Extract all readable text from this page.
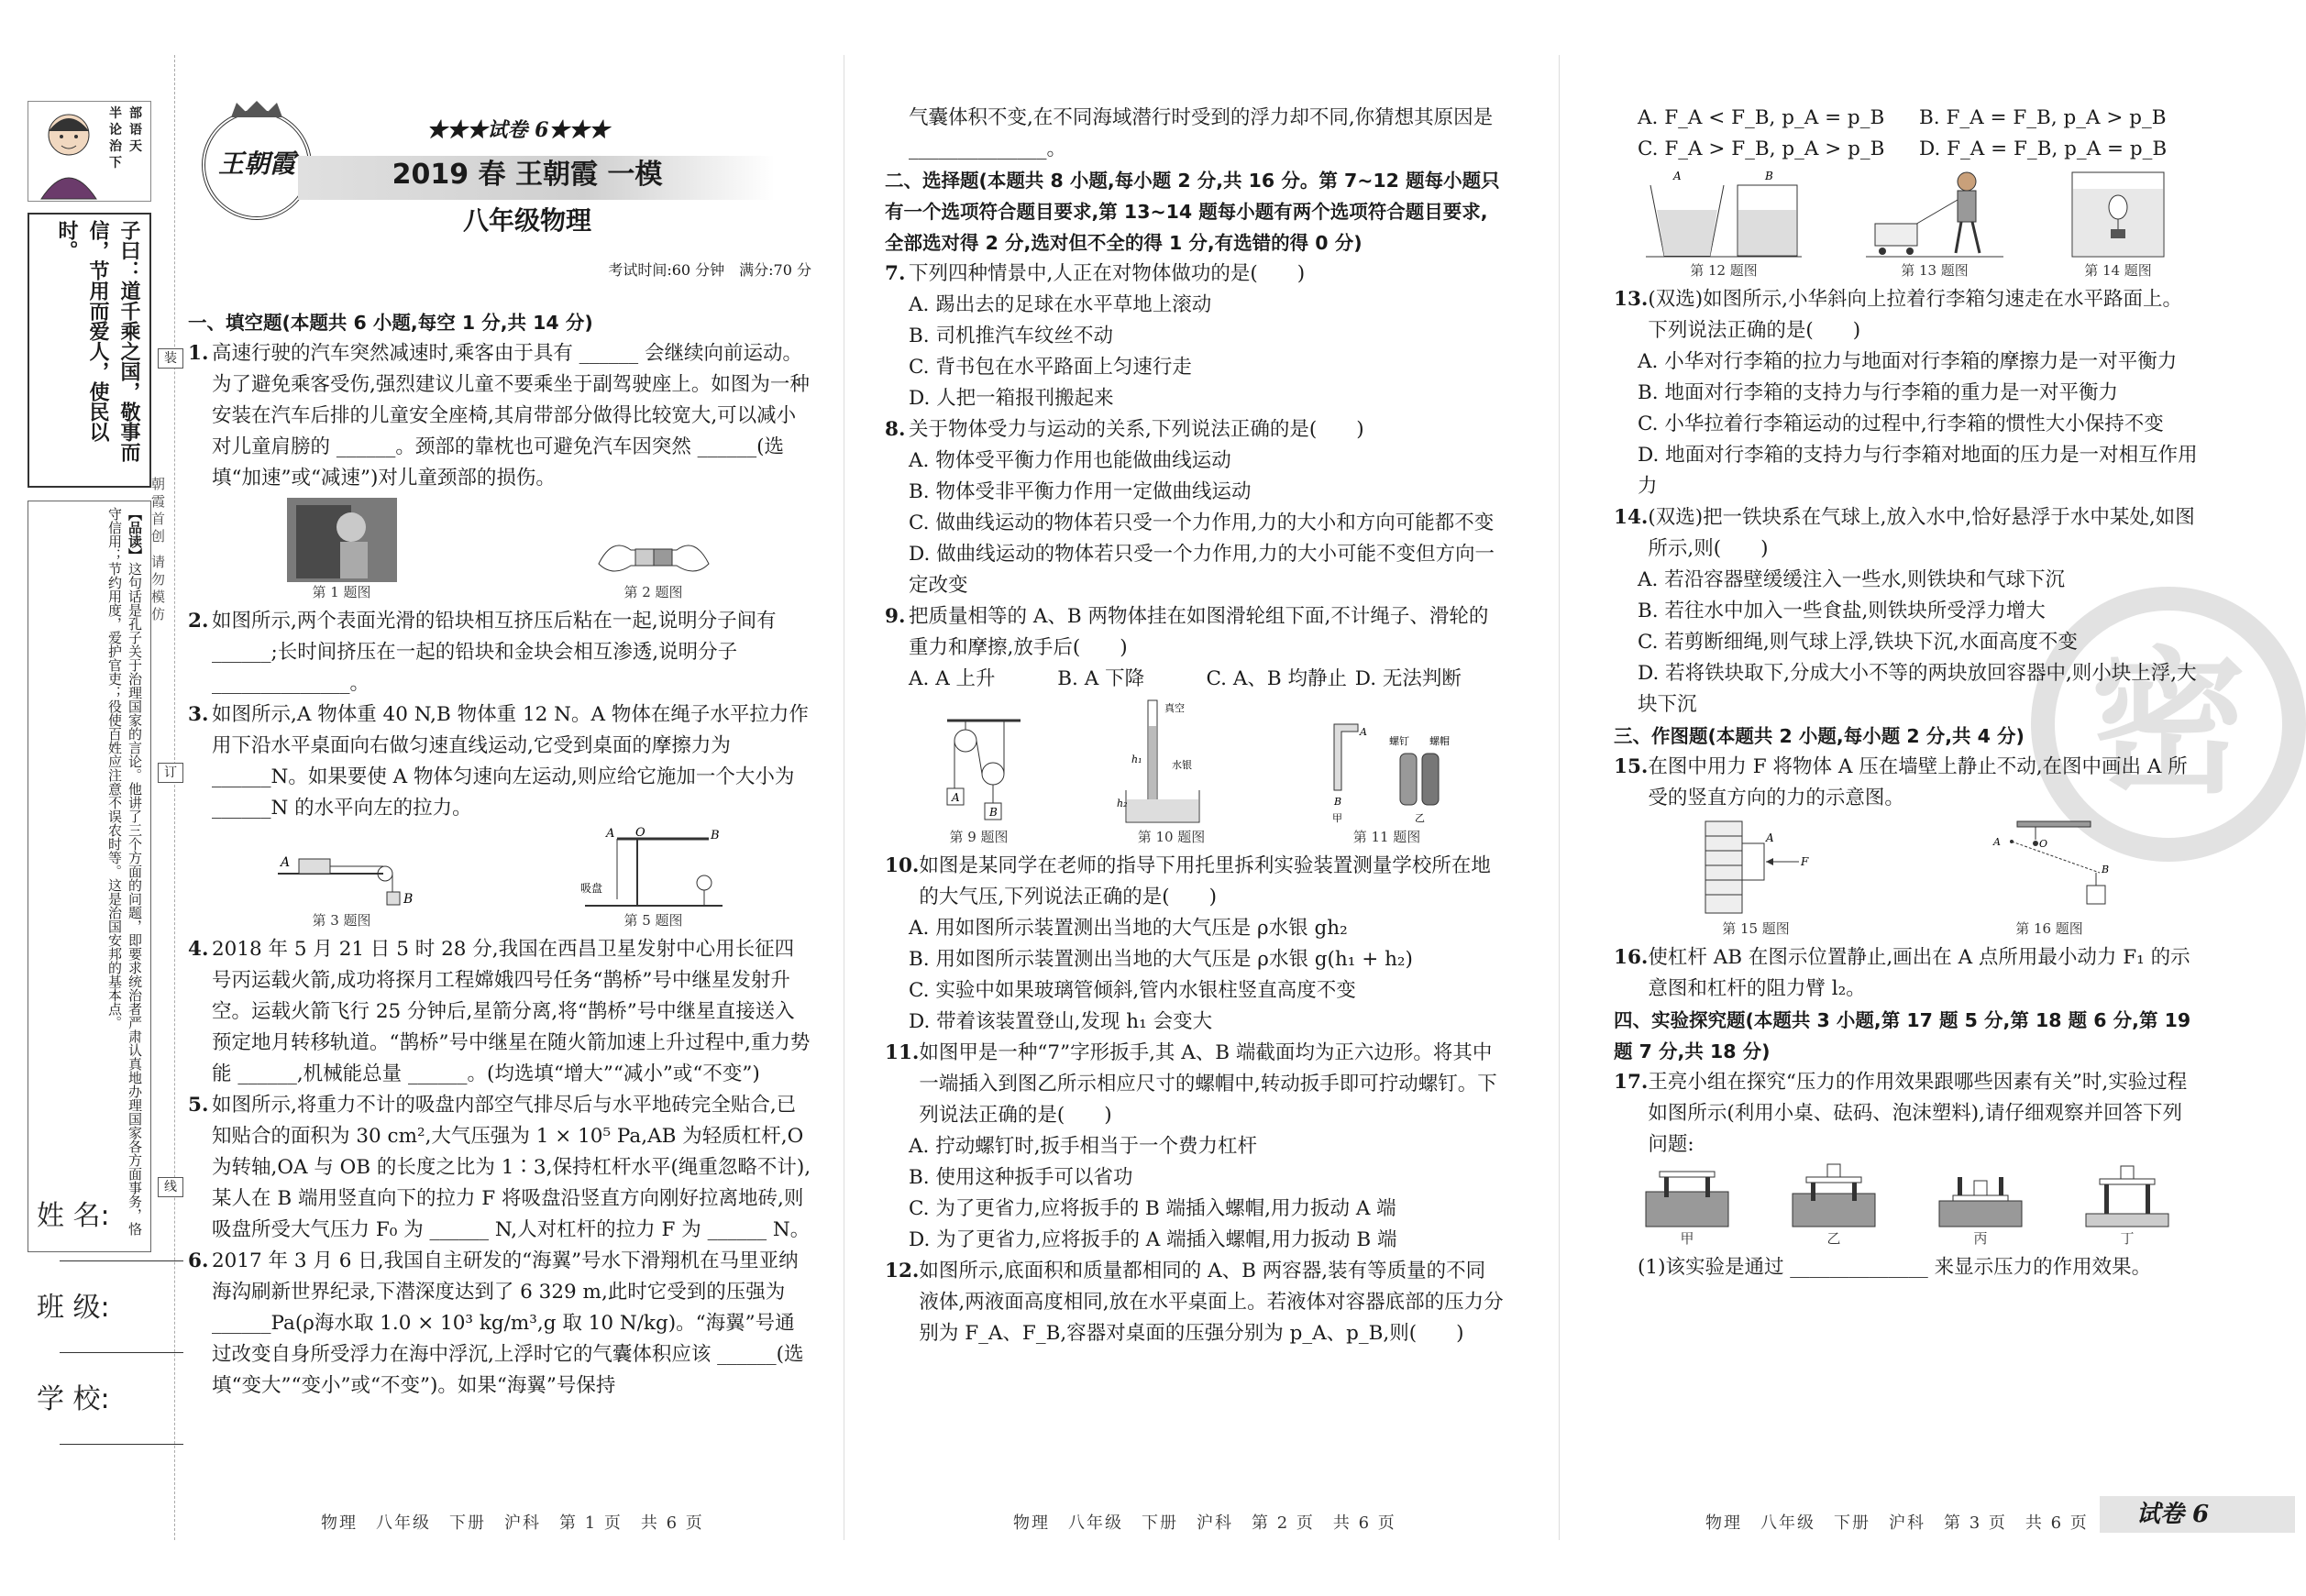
半 部
论 语
治 天
下
子曰：道千乘之国，敬事而信，节用而爱人，使民以时。
【品读】这句话是孔子关于治理国家的言论。他讲了三个方面的问题，即要求统治者严肃认真地办理国家各方面事务，恪守信用；节约用度，爱护官吏；役使百姓应注意不误农时等。这是治国安邦的基本点。
姓 名:
班 级:
学 校:
装
订
线
朝霞首创 请勿模仿
王朝霞
★★★试卷 6★★★
2019 春 王朝霞 一模
八年级物理
考试时间:60 分钟　满分:70 分
一、填空题(本题共 6 小题,每空 1 分,共 14 分)
1. 高速行驶的汽车突然减速时,乘客由于具有 ______ 会继续向前运动。为了避免乘客受伤,强烈建议儿童不要乘坐于副驾驶座上。如图为一种安装在汽车后排的儿童安全座椅,其肩带部分做得比较宽大,可以减小对儿童肩膀的 ______。颈部的靠枕也可避免汽车因突然 ______(选填“加速”或“减速”)对儿童颈部的损伤。
第 1 题图	第 2 题图
2. 如图所示,两个表面光滑的铅块相互挤压后粘在一起,说明分子间有 ______;长时间挤压在一起的铅块和金块会相互渗透,说明分子 ______________。
3. 如图所示,A 物体重 40 N,B 物体重 12 N。A 物体在绳子水平拉力作用下沿水平桌面向右做匀速直线运动,它受到桌面的摩擦力为 ______N。如果要使 A 物体匀速向左运动,则应给它施加一个大小为 ______N 的水平向左的拉力。
A
B
第 3 题图
A O	B
吸盘
第 5 题图
4. 2018 年 5 月 21 日 5 时 28 分,我国在西昌卫星发射中心用长征四号丙运载火箭,成功将探月工程嫦娥四号任务“鹊桥”号中继星发射升空。运载火箭飞行 25 分钟后,星箭分离,将“鹊桥”号中继星直接送入预定地月转移轨道。“鹊桥”号中继星在随火箭加速上升过程中,重力势能 ______,机械能总量 ______。(均选填“增大”“减小”或“不变”)
5. 如图所示,将重力不计的吸盘内部空气排尽后与水平地砖完全贴合,已知贴合的面积为 30 cm²,大气压强为 1 × 10⁵ Pa,AB 为轻质杠杆,O 为转轴,OA 与 OB 的长度之比为 1∶3,保持杠杆水平(绳重忽略不计),某人在 B 端用竖直向下的拉力 F 将吸盘沿竖直方向刚好拉离地砖,则吸盘所受大气压力 F₀ 为 ______ N,人对杠杆的拉力 F 为 ______ N。
6. 2017 年 3 月 6 日,我国自主研发的“海翼”号水下滑翔机在马里亚纳海沟刷新世界纪录,下潜深度达到了 6 329 m,此时它受到的压强为 ______Pa(ρ海水取 1.0 × 10³ kg/m³,g 取 10 N/kg)。“海翼”号通过改变自身所受浮力在海中浮沉,上浮时它的气囊体积应该 ______(选填“变大”“变小”或“不变”)。如果“海翼”号保持
物理　八年级　下册　沪科　第 1 页　共 6 页
气囊体积不变,在不同海域潜行时受到的浮力却不同,你猜想其原因是 ______________。
二、选择题(本题共 8 小题,每小题 2 分,共 16 分。第 7~12 题每小题只有一个选项符合题目要求,第 13~14 题每小题有两个选项符合题目要求,全部选对得 2 分,选对但不全的得 1 分,有选错的得 0 分)
7. 下列四种情景中,人正在对物体做功的是(　　)
A. 踢出去的足球在水平草地上滚动
B. 司机推汽车纹丝不动
C. 背书包在水平路面上匀速行走
D. 人把一箱报刊搬起来
8. 关于物体受力与运动的关系,下列说法正确的是(　　)
A. 物体受平衡力作用也能做曲线运动
B. 物体受非平衡力作用一定做曲线运动
C. 做曲线运动的物体若只受一个力作用,力的大小和方向可能都不变
D. 做曲线运动的物体若只受一个力作用,力的大小可能不变但方向一定改变
9. 把质量相等的 A、B 两物体挂在如图滑轮组下面,不计绳子、滑轮的重力和摩擦,放手后(　　)
A. A 上升	B. A 下降	C. A、B 均静止 D. 无法判断
A
B
第 9 题图
真空
水银
h₁
h₂
第 10 题图
A
B
甲
螺钉 螺帽
乙
第 11 题图
10. 如图是某同学在老师的指导下用托里拆利实验装置测量学校所在地的大气压,下列说法正确的是(　　)
A. 用如图所示装置测出当地的大气压是 ρ水银 gh₂
B. 用如图所示装置测出当地的大气压是 ρ水银 g(h₁ + h₂)
C. 实验中如果玻璃管倾斜,管内水银柱竖直高度不变
D. 带着该装置登山,发现 h₁ 会变大
11. 如图甲是一种“7”字形扳手,其 A、B 端截面均为正六边形。将其中一端插入到图乙所示相应尺寸的螺帽中,转动扳手即可拧动螺钉。下列说法正确的是(　　)
A. 拧动螺钉时,扳手相当于一个费力杠杆
B. 使用这种扳手可以省功
C. 为了更省力,应将扳手的 B 端插入螺帽,用力扳动 A 端
D. 为了更省力,应将扳手的 A 端插入螺帽,用力扳动 B 端
12. 如图所示,底面积和质量都相同的 A、B 两容器,装有等质量的不同液体,两液面高度相同,放在水平桌面上。若液体对容器底部的压力分别为 F_A、F_B,容器对桌面的压强分别为 p_A、p_B,则(　　)
物理　八年级　下册　沪科　第 2 页　共 6 页
密
A. F_A < F_B, p_A = p_B	B. F_A = F_B, p_A > p_B
C. F_A > F_B, p_A > p_B	D. F_A = F_B, p_A = p_B
A	B
第 12 题图	第 13 题图	第 14 题图
13. (双选)如图所示,小华斜向上拉着行李箱匀速走在水平路面上。下列说法正确的是(　　)
A. 小华对行李箱的拉力与地面对行李箱的摩擦力是一对平衡力
B. 地面对行李箱的支持力与行李箱的重力是一对平衡力
C. 小华拉着行李箱运动的过程中,行李箱的惯性大小保持不变
D. 地面对行李箱的支持力与行李箱对地面的压力是一对相互作用力
14. (双选)把一铁块系在气球上,放入水中,恰好悬浮于水中某处,如图所示,则(　　)
A. 若沿容器壁缓缓注入一些水,则铁块和气球下沉
B. 若往水中加入一些食盐,则铁块所受浮力增大
C. 若剪断细绳,则气球上浮,铁块下沉,水面高度不变
D. 若将铁块取下,分成大小不等的两块放回容器中,则小块上浮,大块下沉
三、作图题(本题共 2 小题,每小题 2 分,共 4 分)
15. 在图中用力 F 将物体 A 压在墙壁上静止不动,在图中画出 A 所受的竖直方向的力的示意图。
A
F
第 15 题图
O
A
B
第 16 题图
16. 使杠杆 AB 在图示位置静止,画出在 A 点所用最小动力 F₁ 的示意图和杠杆的阻力臂 l₂。
四、实验探究题(本题共 3 小题,第 17 题 5 分,第 18 题 6 分,第 19 题 7 分,共 18 分)
17. 王亮小组在探究“压力的作用效果跟哪些因素有关”时,实验过程如图所示(利用小桌、砝码、泡沫塑料),请仔细观察并回答下列问题:
甲	乙	丙	丁
(1)该实验是通过 ______________ 来显示压力的作用效果。
物理　八年级　下册　沪科　第 3 页　共 6 页	试卷 6
